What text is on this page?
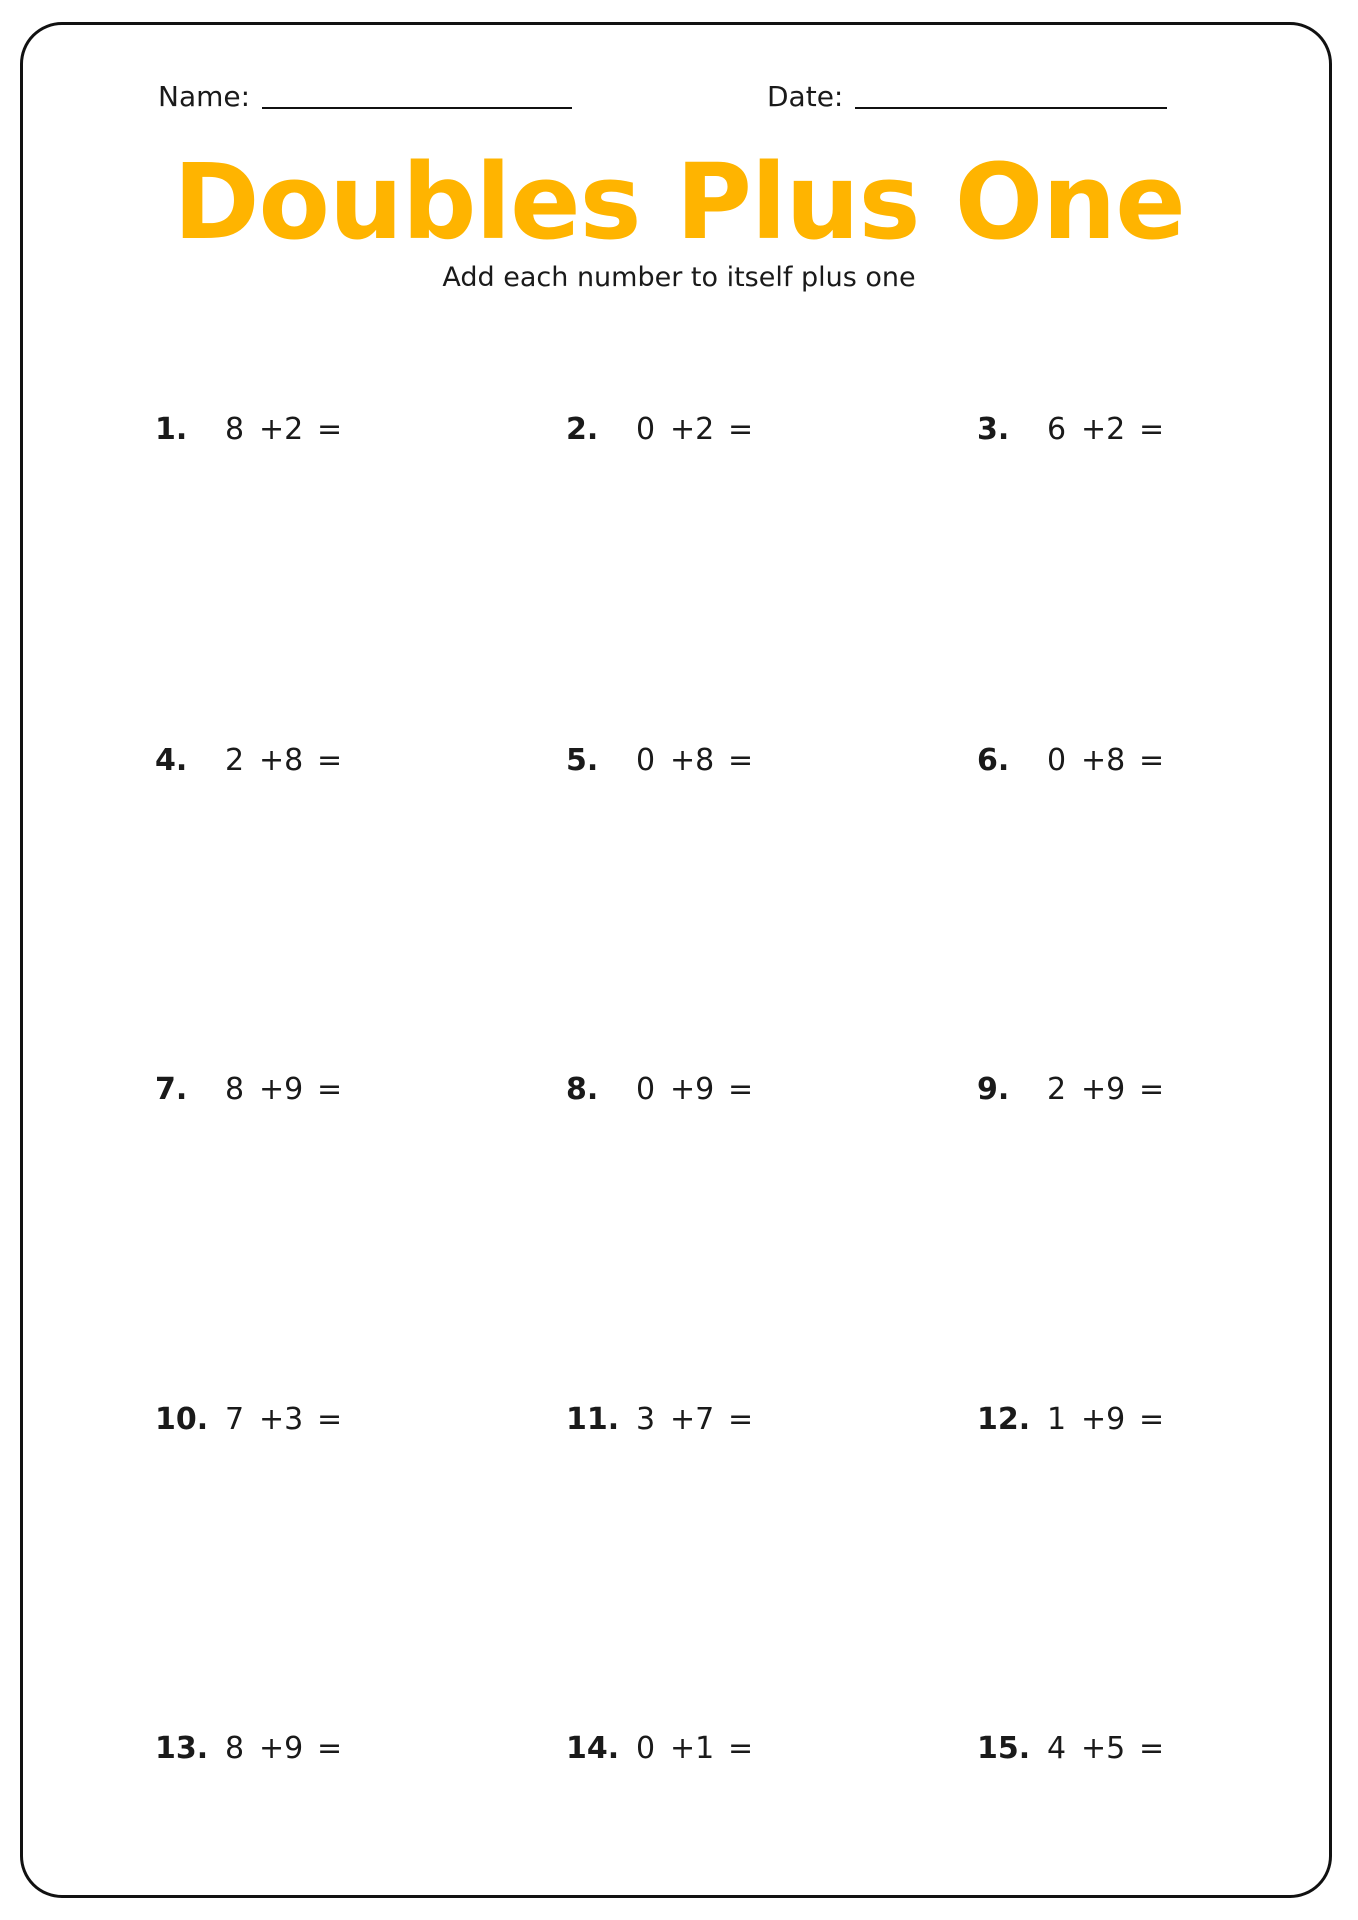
Name:	Date:
Doubles Plus One
Add each number to itself plus one
1.	8 +2 =	2.	0 +2 =	3.	6 +2 =
4.	2 +8 =	5.	0 +8 =	6.	0 +8 =
7.	8 +9 =	8.	0 +9 =	9.	2 +9 =
10. 7 +3 =	11. 3 +7 =	12. 1 +9 =
13. 8 +9 =	14. 0 +1 =	15. 4 +5 =
